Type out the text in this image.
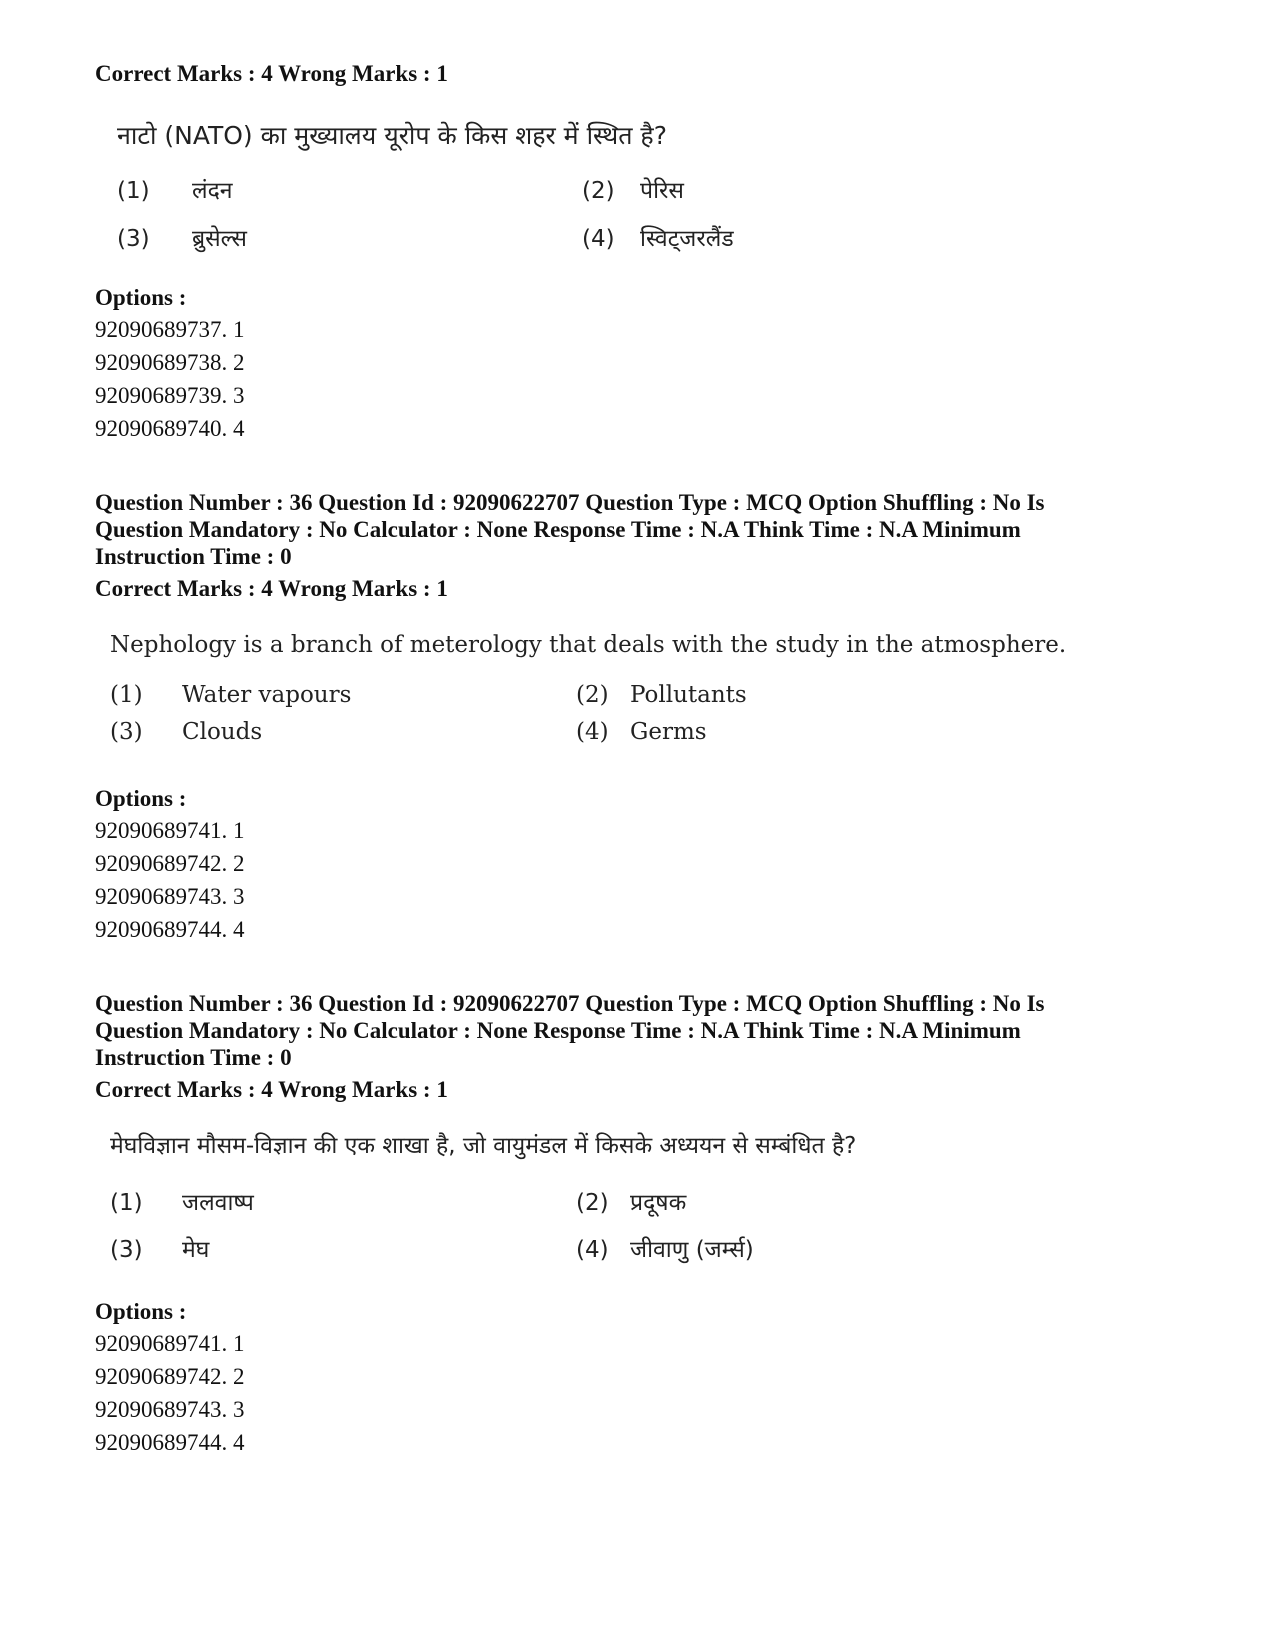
Correct Marks : 4 Wrong Marks : 1
नाटो (NATO) का मुख्यालय यूरोप के किस शहर में स्थित है?
(1) लंदन	(2) पेरिस
(3) ब्रुसेल्स	(4) स्विट्जरलैंड
Options :
92090689737. 1
92090689738. 2
92090689739. 3
92090689740. 4
Question Number : 36 Question Id : 92090622707 Question Type : MCQ Option Shuffling : No Is
Question Mandatory : No Calculator : None Response Time : N.A Think Time : N.A Minimum
Instruction Time : 0
Correct Marks : 4 Wrong Marks : 1
Nephology is a branch of meterology that deals with the study in the atmosphere.
(1) Water vapours	(2) Pollutants
(3) Clouds	(4) Germs
Options :
92090689741. 1
92090689742. 2
92090689743. 3
92090689744. 4
Question Number : 36 Question Id : 92090622707 Question Type : MCQ Option Shuffling : No Is
Question Mandatory : No Calculator : None Response Time : N.A Think Time : N.A Minimum
Instruction Time : 0
Correct Marks : 4 Wrong Marks : 1
मेघविज्ञान मौसम-विज्ञान की एक शाखा है, जो वायुमंडल में किसके अध्ययन से सम्बंधित है?
(1) जलवाष्प	(2) प्रदूषक
(3) मेघ	(4) जीवाणु (जर्म्स)
Options :
92090689741. 1
92090689742. 2
92090689743. 3
92090689744. 4
